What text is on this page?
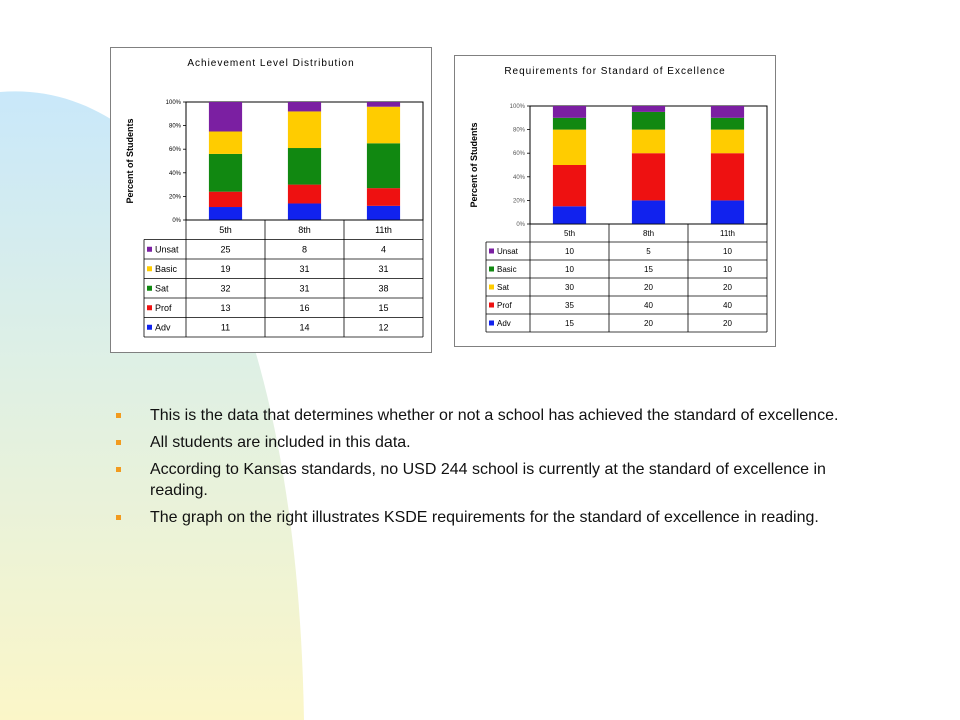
Achievement Level Distribution
Percent of Students
0%
20%
40%
60%
80%
100%
5th	8th	11th
Unsat	25	8	4
Basic	19	31	31
Sat	32	31	38
Prof	13	16	15
Adv	11	14	12
Requirements for Standard of Excellence
Percent of Students
0%
20%
40%
60%
80%
100%
5th	8th	11th
Unsat	10	5	10
Basic	10	15	10
Sat	30	20	20
Prof	35	40	40
Adv	15	20	20
This is the data that determines whether or not a school has achieved the standard of excellence.
All students are included in this data.
According to Kansas standards, no USD 244 school is currently at the standard of excellence in reading.
The graph on the right illustrates KSDE requirements for the standard of excellence in reading.
